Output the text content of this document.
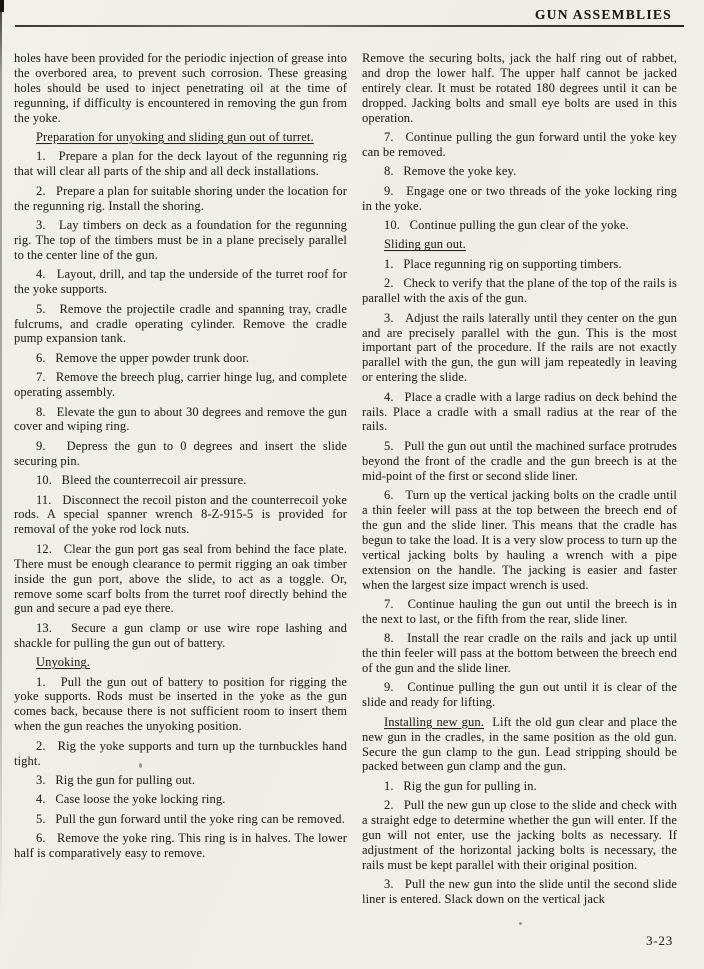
GUN ASSEMBLIES

holes have been provided for the periodic injection of grease into the overbored area, to prevent such corrosion. These greasing holes should be used to inject penetrating oil at the time of regunning, if difficulty is encountered in removing the gun from the yoke.

Preparation for unyoking and sliding gun out of turret.

1.   Prepare a plan for the deck layout of the regunning rig that will clear all parts of the ship and all deck installations.

2.   Prepare a plan for suitable shoring under the location for the regunning rig. Install the shoring.

3.   Lay timbers on deck as a foundation for the regunning rig. The top of the timbers must be in a plane precisely parallel to the center line of the gun.

4.   Layout, drill, and tap the underside of the turret roof for the yoke supports.

5.   Remove the projectile cradle and spanning tray, cradle fulcrums, and cradle operating cylinder. Remove the cradle pump expansion tank.

6.   Remove the upper powder trunk door.

7.   Remove the breech plug, carrier hinge lug, and complete operating assembly.

8.   Elevate the gun to about 30 degrees and remove the gun cover and wiping ring.

9.   Depress the gun to 0 degrees and insert the slide securing pin.

10.   Bleed the counterrecoil air pressure.

11.   Disconnect the recoil piston and the counterrecoil yoke rods. A special spanner wrench 8-Z-915-5 is provided for removal of the yoke rod lock nuts.

12.   Clear the gun port gas seal from behind the face plate. There must be enough clearance to permit rigging an oak timber inside the gun port, above the slide, to act as a toggle. Or, remove some scarf bolts from the turret roof directly behind the gun and secure a pad eye there.

13.   Secure a gun clamp or use wire rope lashing and shackle for pulling the gun out of battery.

Unyoking.

1.   Pull the gun out of battery to position for rigging the yoke supports. Rods must be inserted in the yoke as the gun comes back, because there is not sufficient room to insert them when the gun reaches the unyoking position.

2.   Rig the yoke supports and turn up the turnbuckles hand tight.

3.   Rig the gun for pulling out.

4.   Case loose the yoke locking ring.

5.   Pull the gun forward until the yoke ring can be removed.

6.   Remove the yoke ring. This ring is in halves. The lower half is comparatively easy to remove.

Remove the securing bolts, jack the half ring out of rabbet, and drop the lower half. The upper half cannot be jacked entirely clear. It must be rotated 180 degrees until it can be dropped. Jacking bolts and small eye bolts are used in this operation.

7.   Continue pulling the gun forward until the yoke key can be removed.

8.   Remove the yoke key.

9.   Engage one or two threads of the yoke locking ring in the yoke.

10.   Continue pulling the gun clear of the yoke.

Sliding gun out.

1.   Place regunning rig on supporting timbers.

2.   Check to verify that the plane of the top of the rails is parallel with the axis of the gun.

3.   Adjust the rails laterally until they center on the gun and are precisely parallel with the gun. This is the most important part of the procedure. If the rails are not exactly parallel with the gun, the gun will jam repeatedly in leaving or entering the slide.

4.   Place a cradle with a large radius on deck behind the rails. Place a cradle with a small radius at the rear of the rails.

5.   Pull the gun out until the machined surface protrudes beyond the front of the cradle and the gun breech is at the mid-point of the first or second slide liner.

6.   Turn up the vertical jacking bolts on the cradle until a thin feeler will pass at the top between the breech end of the gun and the slide liner. This means that the cradle has begun to take the load. It is a very slow process to turn up the vertical jacking bolts by hauling a wrench with a pipe extension on the handle. The jacking is easier and faster when the largest size impact wrench is used.

7.   Continue hauling the gun out until the breech is in the next to last, or the fifth from the rear, slide liner.

8.   Install the rear cradle on the rails and jack up until the thin feeler will pass at the bottom between the breech end of the gun and the slide liner.

9.   Continue pulling the gun out until it is clear of the slide and ready for lifting.

Installing new gun.  Lift the old gun clear and place the new gun in the cradles, in the same position as the old gun. Secure the gun clamp to the gun. Lead stripping should be packed between gun clamp and the gun.

1.   Rig the gun for pulling in.

2.   Pull the new gun up close to the slide and check with a straight edge to determine whether the gun will enter. If the gun will not enter, use the jacking bolts as necessary. If adjustment of the horizontal jacking bolts is necessary, the rails must be kept parallel with their original position.

3.   Pull the new gun into the slide until the second slide liner is entered. Slack down on the vertical jack

3-23
